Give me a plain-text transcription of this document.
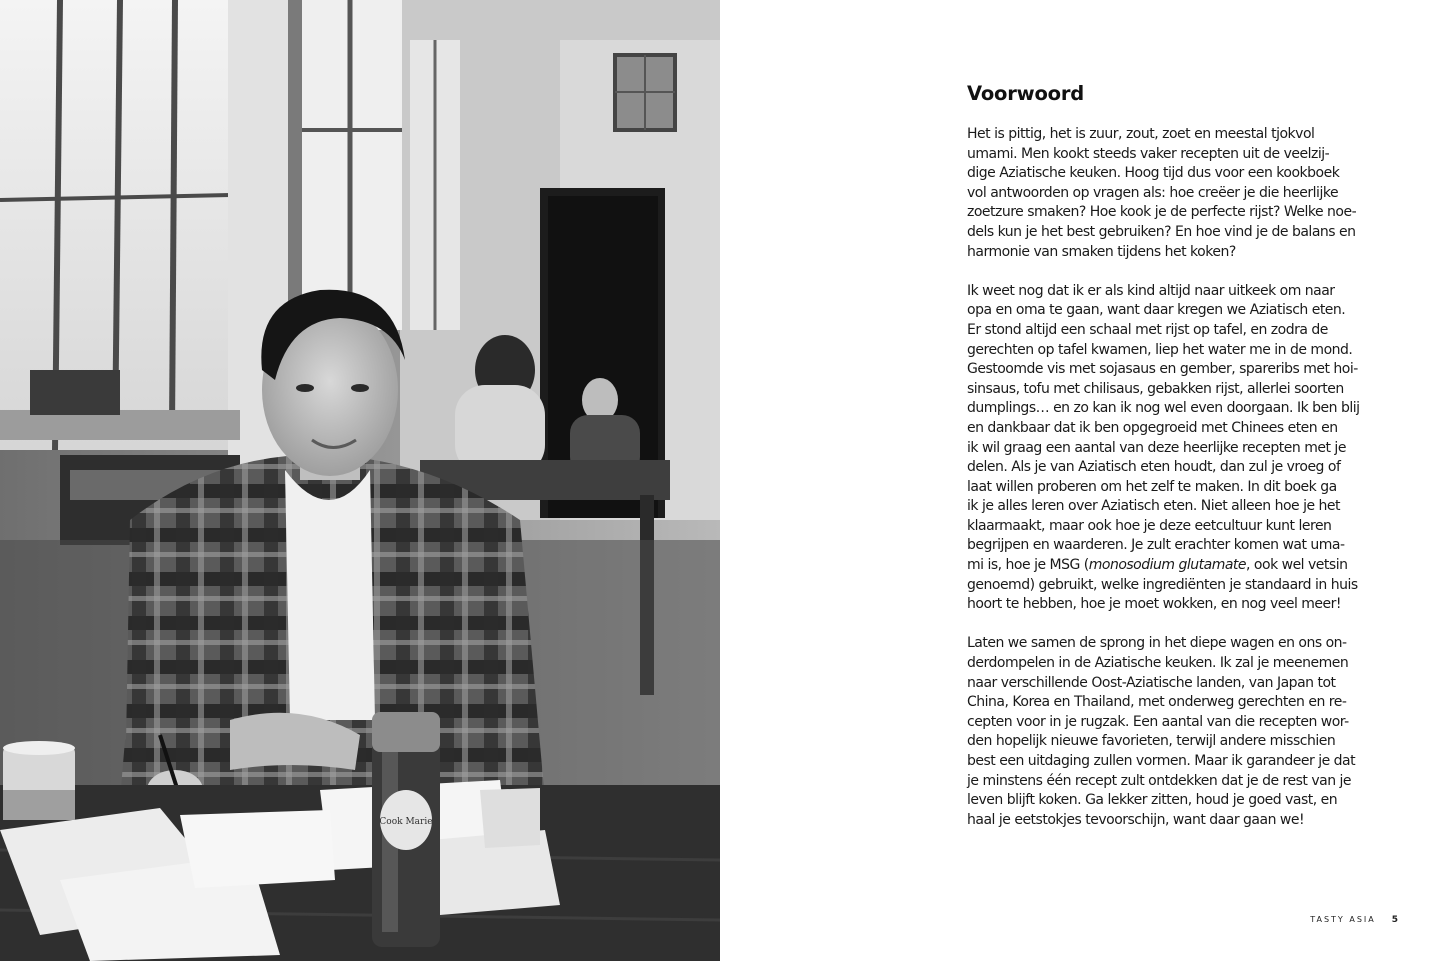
Cook Marie
Voorwoord

Het is pittig, het is zuur, zout, zoet en meestal tjokvol
umami. Men kookt steeds vaker recepten uit de veelzij-
dige Aziatische keuken. Hoog tijd dus voor een kookboek
vol antwoorden op vragen als: hoe creëer je die heerlijke
zoetzure smaken? Hoe kook je de perfecte rijst? Welke noe-
dels kun je het best gebruiken? En hoe vind je de balans en
harmonie van smaken tijdens het koken?

Ik weet nog dat ik er als kind altijd naar uitkeek om naar
opa en oma te gaan, want daar kregen we Aziatisch eten.
Er stond altijd een schaal met rijst op tafel, en zodra de
gerechten op tafel kwamen, liep het water me in de mond.
Gestoomde vis met sojasaus en gember, spareribs met hoi-
sinsaus, tofu met chilisaus, gebakken rijst, allerlei soorten
dumplings… en zo kan ik nog wel even doorgaan. Ik ben blij
en dankbaar dat ik ben opgegroeid met Chinees eten en
ik wil graag een aantal van deze heerlijke recepten met je
delen. Als je van Aziatisch eten houdt, dan zul je vroeg of
laat willen proberen om het zelf te maken. In dit boek ga
ik je alles leren over Aziatisch eten. Niet alleen hoe je het
klaarmaakt, maar ook hoe je deze eetcultuur kunt leren
begrijpen en waarderen. Je zult erachter komen wat uma-
mi is, hoe je MSG (monosodium glutamate, ook wel vetsin
genoemd) gebruikt, welke ingrediënten je standaard in huis
hoort te hebben, hoe je moet wokken, en nog veel meer!

Laten we samen de sprong in het diepe wagen en ons on-
derdompelen in de Aziatische keuken. Ik zal je meenemen
naar verschillende Oost-Aziatische landen, van Japan tot
China, Korea en Thailand, met onderweg gerechten en re-
cepten voor in je rugzak. Een aantal van die recepten wor-
den hopelijk nieuwe favorieten, terwijl andere misschien
best een uitdaging zullen vormen. Maar ik garandeer je dat
je minstens één recept zult ontdekken dat je de rest van je
leven blijft koken. Ga lekker zitten, houd je goed vast, en
haal je eetstokjes tevoorschijn, want daar gaan we!

TASTY ASIA 5
